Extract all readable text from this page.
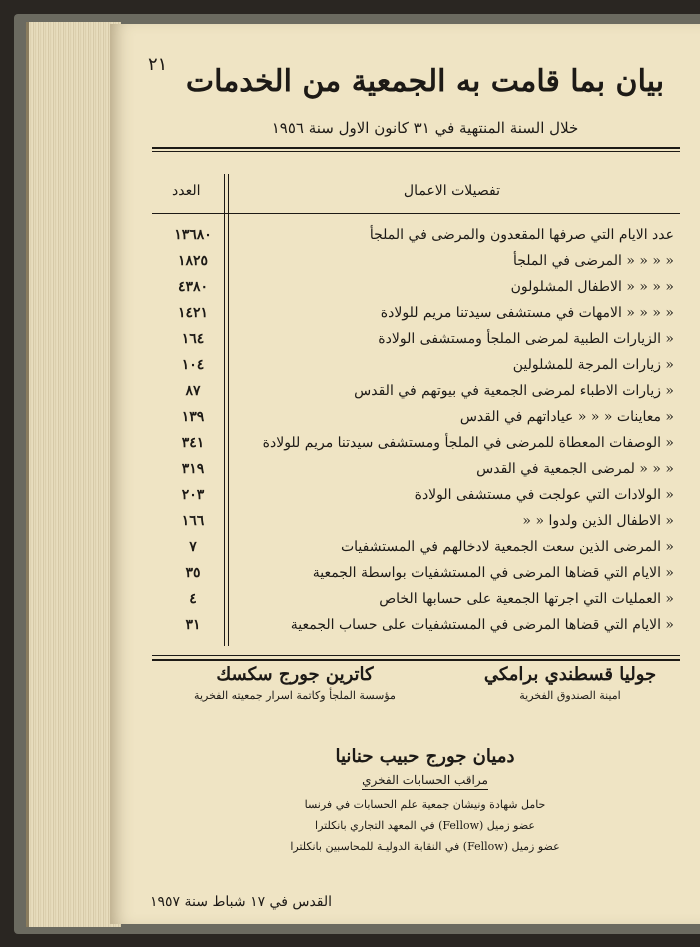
٢١ بيان بما قامت به الجمعية من الخدمات
خلال السنة المنتهية في ٣١ كانون الاول سنة ١٩٥٦
تفصيلات الاعمال
العدد
عدد الايام التي صرفها المقعدون والمرضى في الملجأ
١٣٦٨٠
« « « « المرضى في الملجأ
١٨٢٥
« « « « الاطفال المشلولون
٤٣٨٠
« « « « الامهات في مستشفى سيدتنا مريم للولادة
١٤٢١
« الزيارات الطبية لمرضى الملجأ ومستشفى الولادة
١٦٤
« زيارات المرجة للمشلولين
١٠٤
« زيارات الاطباء لمرضى الجمعية في بيوتهم في القدس
٨٧
« معاينات « « « عياداتهم في القدس
١٣٩
« الوصفات المعطاة للمرضى في الملجأ ومستشفى سيدتنا مريم للولادة
٣٤١
« « « لمرضى الجمعية في القدس
٣١٩
« الولادات التي عولجت في مستشفى الولادة
٢٠٣
« الاطفال الذين ولدوا « «
١٦٦
« المرضى الذين سعت الجمعية لادخالهم في المستشفيات
٧
« الايام التي قضاها المرضى في المستشفيات بواسطة الجمعية
٣٥
« العمليات التي اجرتها الجمعية على حسابها الخاص
٤
« الايام التي قضاها المرضى في المستشفيات على حساب الجمعية
٣١
جوليا قسطندي برامكي
امينة الصندوق الفخرية
كاترين جورج سكسك
مؤسسة الملجأ وكاتمة اسرار جمعيته الفخرية
دميان جورج حبيب حنانيا
مراقب الحسابات الفخري
حامل شهادة ونيشان جمعية علم الحسابات في فرنسا
عضو زميل (Fellow) في المعهد التجاري بانكلترا
عضو زميل (Fellow) في النقابة الدوليـة للمحاسبين بانكلترا
القدس في ١٧ شباط سنة ١٩٥٧
